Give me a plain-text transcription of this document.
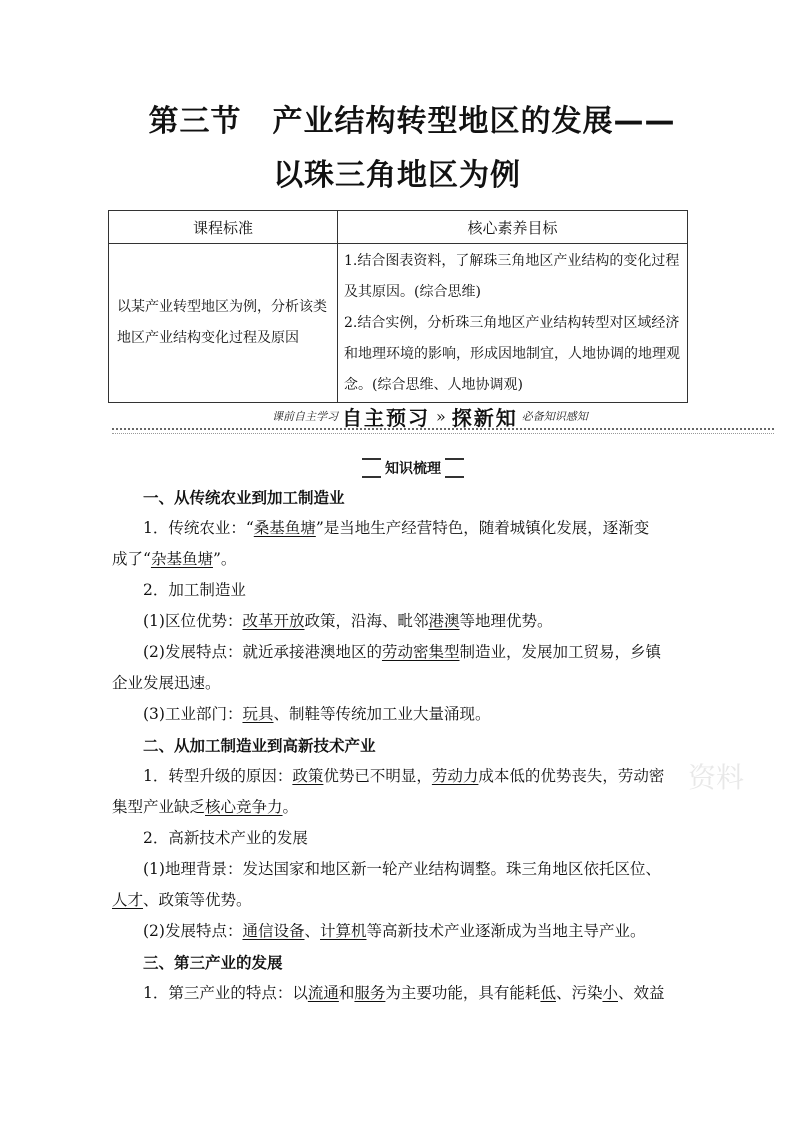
第三节　产业结构转型地区的发展——
以珠三角地区为例
课程标准	核心素养目标
以某产业转型地区为例，分析该类地区产业结构变化过程及原因	1.结合图表资料，了解珠三角地区产业结构的变化过程及其原因。(综合思维)
2.结合实例，分析珠三角地区产业结构转型对区域经济和地理环境的影响，形成因地制宜，人地协调的地理观念。(综合思维、人地协调观)
课前自主学习 自主预习 » 探新知 必备知识感知
知识梳理
一、从传统农业到加工制造业
1．传统农业：“桑基鱼塘”是当地生产经营特色，随着城镇化发展，逐渐变
成了“杂基鱼塘”。
2．加工制造业
(1)区位优势：改革开放政策，沿海、毗邻港澳等地理优势。
(2)发展特点：就近承接港澳地区的劳动密集型制造业，发展加工贸易，乡镇
企业发展迅速。
(3)工业部门：玩具、制鞋等传统加工业大量涌现。
二、从加工制造业到高新技术产业
1．转型升级的原因：政策优势已不明显，劳动力成本低的优势丧失，劳动密
集型产业缺乏核心竞争力。
2．高新技术产业的发展
(1)地理背景：发达国家和地区新一轮产业结构调整。珠三角地区依托区位、
人才、政策等优势。
(2)发展特点：通信设备、计算机等高新技术产业逐渐成为当地主导产业。
三、第三产业的发展
1．第三产业的特点：以流通和服务为主要功能，具有能耗低、污染小、效益
资料
